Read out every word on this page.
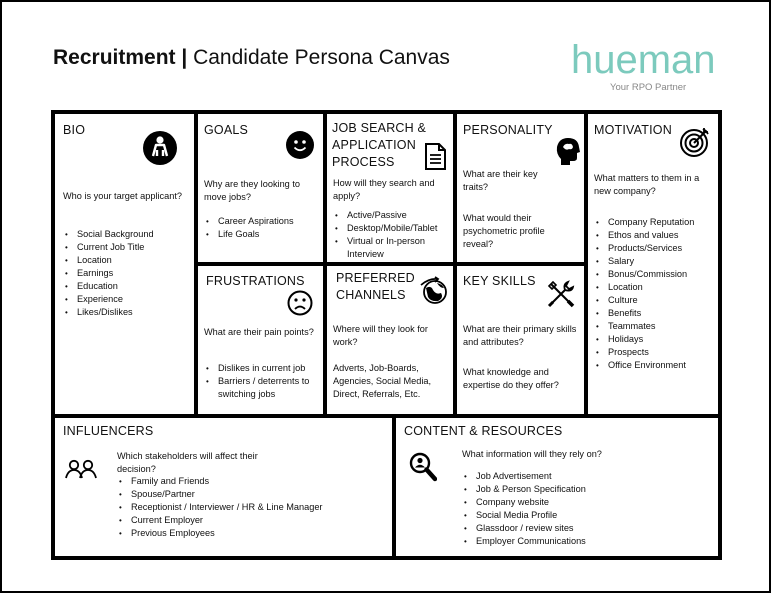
Recruitment | Candidate Persona Canvas	hueman
Your RPO Partner
BIO
Who is your target applicant?
• Social Background
• Current Job Title
• Location
• Earnings
• Education
• Experience
• Likes/Dislikes
GOALS
Why are they looking to move jobs?
• Career Aspirations
• Life Goals
JOB SEARCH & APPLICATION PROCESS
How will they search and apply?
• Active/Passive
• Desktop/Mobile/Tablet
• Virtual or In-person Interview
PERSONALITY
What are their key traits?
What would their psychometric profile reveal?
MOTIVATION
What matters to them in a new company?
• Company Reputation
• Ethos and values
• Products/Services
• Salary
• Bonus/Commission
• Location
• Culture
• Benefits
• Teammates
• Holidays
• Prospects
• Office Environment
FRUSTRATIONS
What are their pain points?
• Dislikes in current job
• Barriers / deterrents to switching jobs
PREFERRED CHANNELS
Where will they look for work?
Adverts, Job-Boards, Agencies, Social Media, Direct, Referrals, Etc.
KEY SKILLS
What are their primary skills and attributes?
What knowledge and expertise do they offer?
INFLUENCERS
Which stakeholders will affect their decision?
• Family and Friends
• Spouse/Partner
• Receptionist / Interviewer / HR & Line Manager
• Current Employer
• Previous Employees
CONTENT & RESOURCES
What information will they rely on?
• Job Advertisement
• Job & Person Specification
• Company website
• Social Media Profile
• Glassdoor / review sites
• Employer Communications
